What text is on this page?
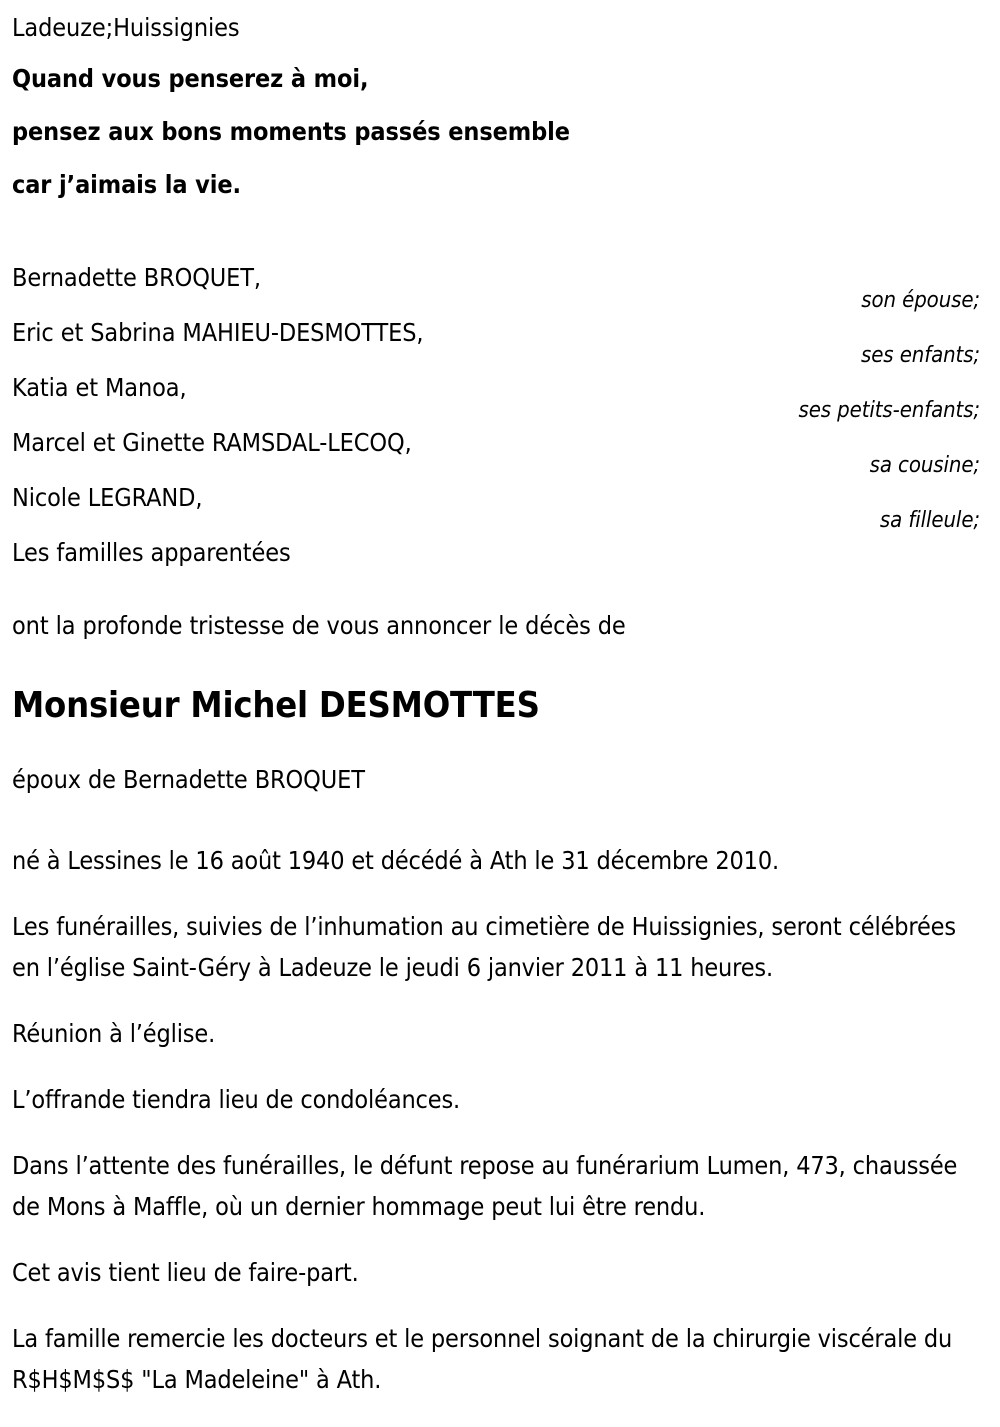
Ladeuze;Huissignies
Quand vous penserez à moi,
pensez aux bons moments passés ensemble
car j’aimais la vie.
Bernadette BROQUET,
son épouse;
Eric et Sabrina MAHIEU-DESMOTTES,
ses enfants;
Katia et Manoa,
ses petits-enfants;
Marcel et Ginette RAMSDAL-LECOQ,
sa cousine;
Nicole LEGRAND,
sa filleule;
Les familles apparentées
ont la profonde tristesse de vous annoncer le décès de
Monsieur Michel DESMOTTES
époux de Bernadette BROQUET

né à Lessines le 16 août 1940 et décédé à Ath le 31 décembre 2010.

Les funérailles, suivies de l’inhumation au cimetière de Huissignies, seront célébrées en l’église Saint-Géry à Ladeuze le jeudi 6 janvier 2011 à 11 heures.

Réunion à l’église.

L’offrande tiendra lieu de condoléances.

Dans l’attente des funérailles, le défunt repose au funérarium Lumen, 473, chaussée de Mons à Maffle, où un dernier hommage peut lui être rendu.

Cet avis tient lieu de faire-part.

La famille remercie les docteurs et le personnel soignant de la chirurgie viscérale du R$H$M$S$ "La Madeleine" à Ath.
